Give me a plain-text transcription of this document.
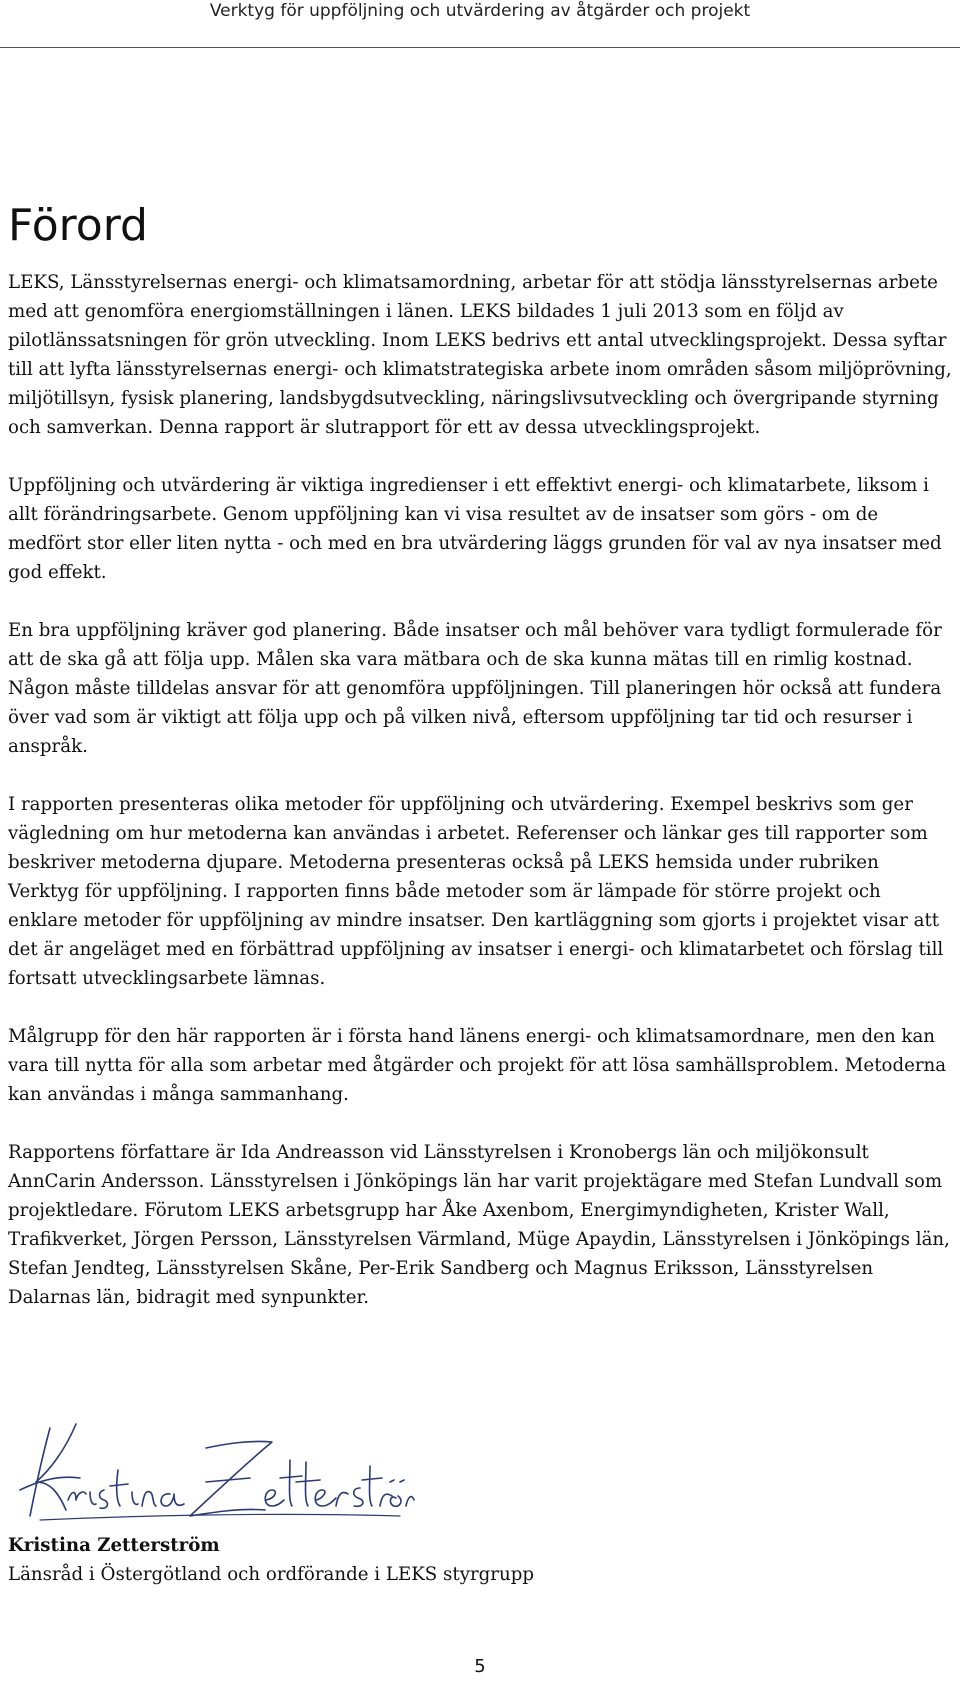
Verktyg för uppföljning och utvärdering av åtgärder och projekt
Förord

LEKS, Länsstyrelsernas energi- och klimatsamordning, arbetar för att stödja länsstyrelsernas arbete med att genomföra energiomställningen i länen. LEKS bildades 1 juli 2013 som en följd av pilotlänssatsningen för grön utveckling. Inom LEKS bedrivs ett antal utvecklingsprojekt. Dessa syftar till att lyfta länsstyrelsernas energi- och klimatstrategiska arbete inom områden såsom miljöprövning, miljötillsyn, fysisk planering, landsbygdsutveckling, näringslivsutveckling och övergripande styrning och samverkan. Denna rapport är slutrapport för ett av dessa utvecklingsprojekt.

Uppföljning och utvärdering är viktiga ingredienser i ett effektivt energi- och klimatarbete, liksom i allt förändringsarbete. Genom uppföljning kan vi visa resultet av de insatser som görs - om de medfört stor eller liten nytta - och med en bra utvärdering läggs grunden för val av nya insatser med god effekt.

En bra uppföljning kräver god planering. Både insatser och mål behöver vara tydligt formulerade för att de ska gå att följa upp. Målen ska vara mätbara och de ska kunna mätas till en rimlig kostnad. Någon måste tilldelas ansvar för att genomföra uppföljningen. Till planeringen hör också att fundera över vad som är viktigt att följa upp och på vilken nivå, eftersom uppföljning tar tid och resurser i anspråk.

I rapporten presenteras olika metoder för uppföljning och utvärdering. Exempel beskrivs som ger vägledning om hur metoderna kan användas i arbetet. Referenser och länkar ges till rapporter som beskriver metoderna djupare. Metoderna presenteras också på LEKS hemsida under rubriken Verktyg för uppföljning. I rapporten finns både metoder som är lämpade för större projekt och enklare metoder för uppföljning av mindre insatser. Den kartläggning som gjorts i projektet visar att det är angeläget med en förbättrad uppföljning av insatser i energi- och klimatarbetet och förslag till fortsatt utvecklingsarbete lämnas.

Målgrupp för den här rapporten är i första hand länens energi- och klimatsamordnare, men den kan vara till nytta för alla som arbetar med åtgärder och projekt för att lösa samhällsproblem. Metoderna kan användas i många sammanhang.

Rapportens författare är Ida Andreasson vid Länsstyrelsen i Kronobergs län och miljökonsult AnnCarin Andersson. Länsstyrelsen i Jönköpings län har varit projektägare med Stefan Lundvall som projektledare. Förutom LEKS arbetsgrupp har Åke Axenbom, Energimyndigheten, Krister Wall, Trafikverket, Jörgen Persson, Länsstyrelsen Värmland, Müge Apaydin, Länsstyrelsen i Jönköpings län, Stefan Jendteg, Länsstyrelsen Skåne, Per-Erik Sandberg och Magnus Eriksson, Länsstyrelsen Dalarnas län, bidragit med synpunkter.

Kristina Zetterström
Länsråd i Östergötland och ordförande i LEKS styrgrupp
5
